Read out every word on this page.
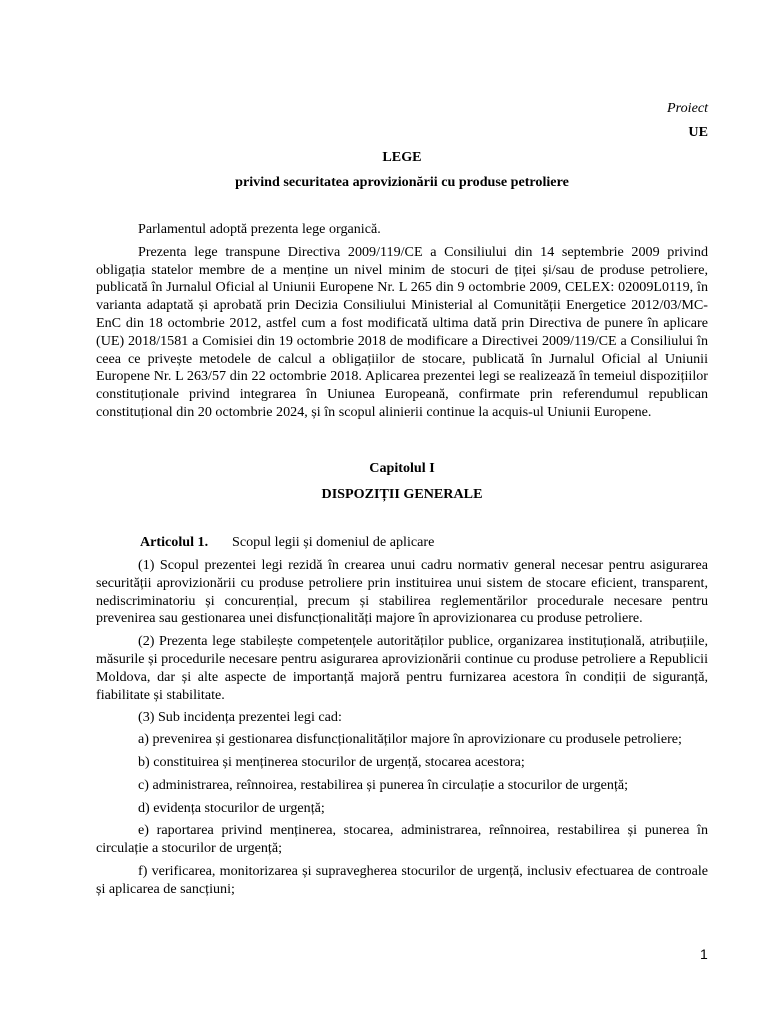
Proiect
UE
LEGE
privind securitatea aprovizionării cu produse petroliere

Parlamentul adoptă prezenta lege organică.

Prezenta lege transpune Directiva 2009/119/CE a Consiliului din 14 septembrie 2009 privind obligația statelor membre de a menține un nivel minim de stocuri de țiței și/sau de produse petroliere, publicată în Jurnalul Oficial al Uniunii Europene Nr. L 265 din 9 octombrie 2009, CELEX: 02009L0119, în varianta adaptată și aprobată prin Decizia Consiliului Ministerial al Comunității Energetice 2012/03/MC-EnC din 18 octombrie 2012, astfel cum a fost modificată ultima dată prin Directiva de punere în aplicare (UE) 2018/1581 a Comisiei din 19 octombrie 2018 de modificare a Directivei 2009/119/CE a Consiliului în ceea ce privește metodele de calcul a obligațiilor de stocare, publicată în Jurnalul Oficial al Uniunii Europene Nr. L 263/57 din 22 octombrie 2018. Aplicarea prezentei legi se realizează în temeiul dispozițiilor constituționale privind integrarea în Uniunea Europeană, confirmate prin referendumul republican constituțional din 20 octombrie 2024, și în scopul alinierii continue la acquis-ul Uniunii Europene.

Capitolul I
DISPOZIȚII GENERALE
Articolul 1. Scopul legii și domeniul de aplicare

(1) Scopul prezentei legi rezidă în crearea unui cadru normativ general necesar pentru asigurarea securității aprovizionării cu produse petroliere prin instituirea unui sistem de stocare eficient, transparent, nediscriminatoriu și concurențial, precum și stabilirea reglementărilor procedurale necesare pentru prevenirea sau gestionarea unei disfuncționalități majore în aprovizionarea cu produse petroliere.

(2) Prezenta lege stabilește competențele autorităților publice, organizarea instituțională, atribuțiile, măsurile și procedurile necesare pentru asigurarea aprovizionării continue cu produse petroliere a Republicii Moldova, dar și alte aspecte de importanță majoră pentru furnizarea acestora în condiții de siguranță, fiabilitate și stabilitate.

(3) Sub incidența prezentei legi cad:

a) prevenirea și gestionarea disfuncționalităților majore în aprovizionare cu produsele petroliere;

b) constituirea și menținerea stocurilor de urgență, stocarea acestora;

c) administrarea, reînnoirea, restabilirea și punerea în circulație a stocurilor de urgență;

d) evidența stocurilor de urgență;

e) raportarea privind menținerea, stocarea, administrarea, reînnoirea, restabilirea și punerea în circulație a stocurilor de urgență;

f) verificarea, monitorizarea și supravegherea stocurilor de urgență, inclusiv efectuarea de controale și aplicarea de sancțiuni;

1
